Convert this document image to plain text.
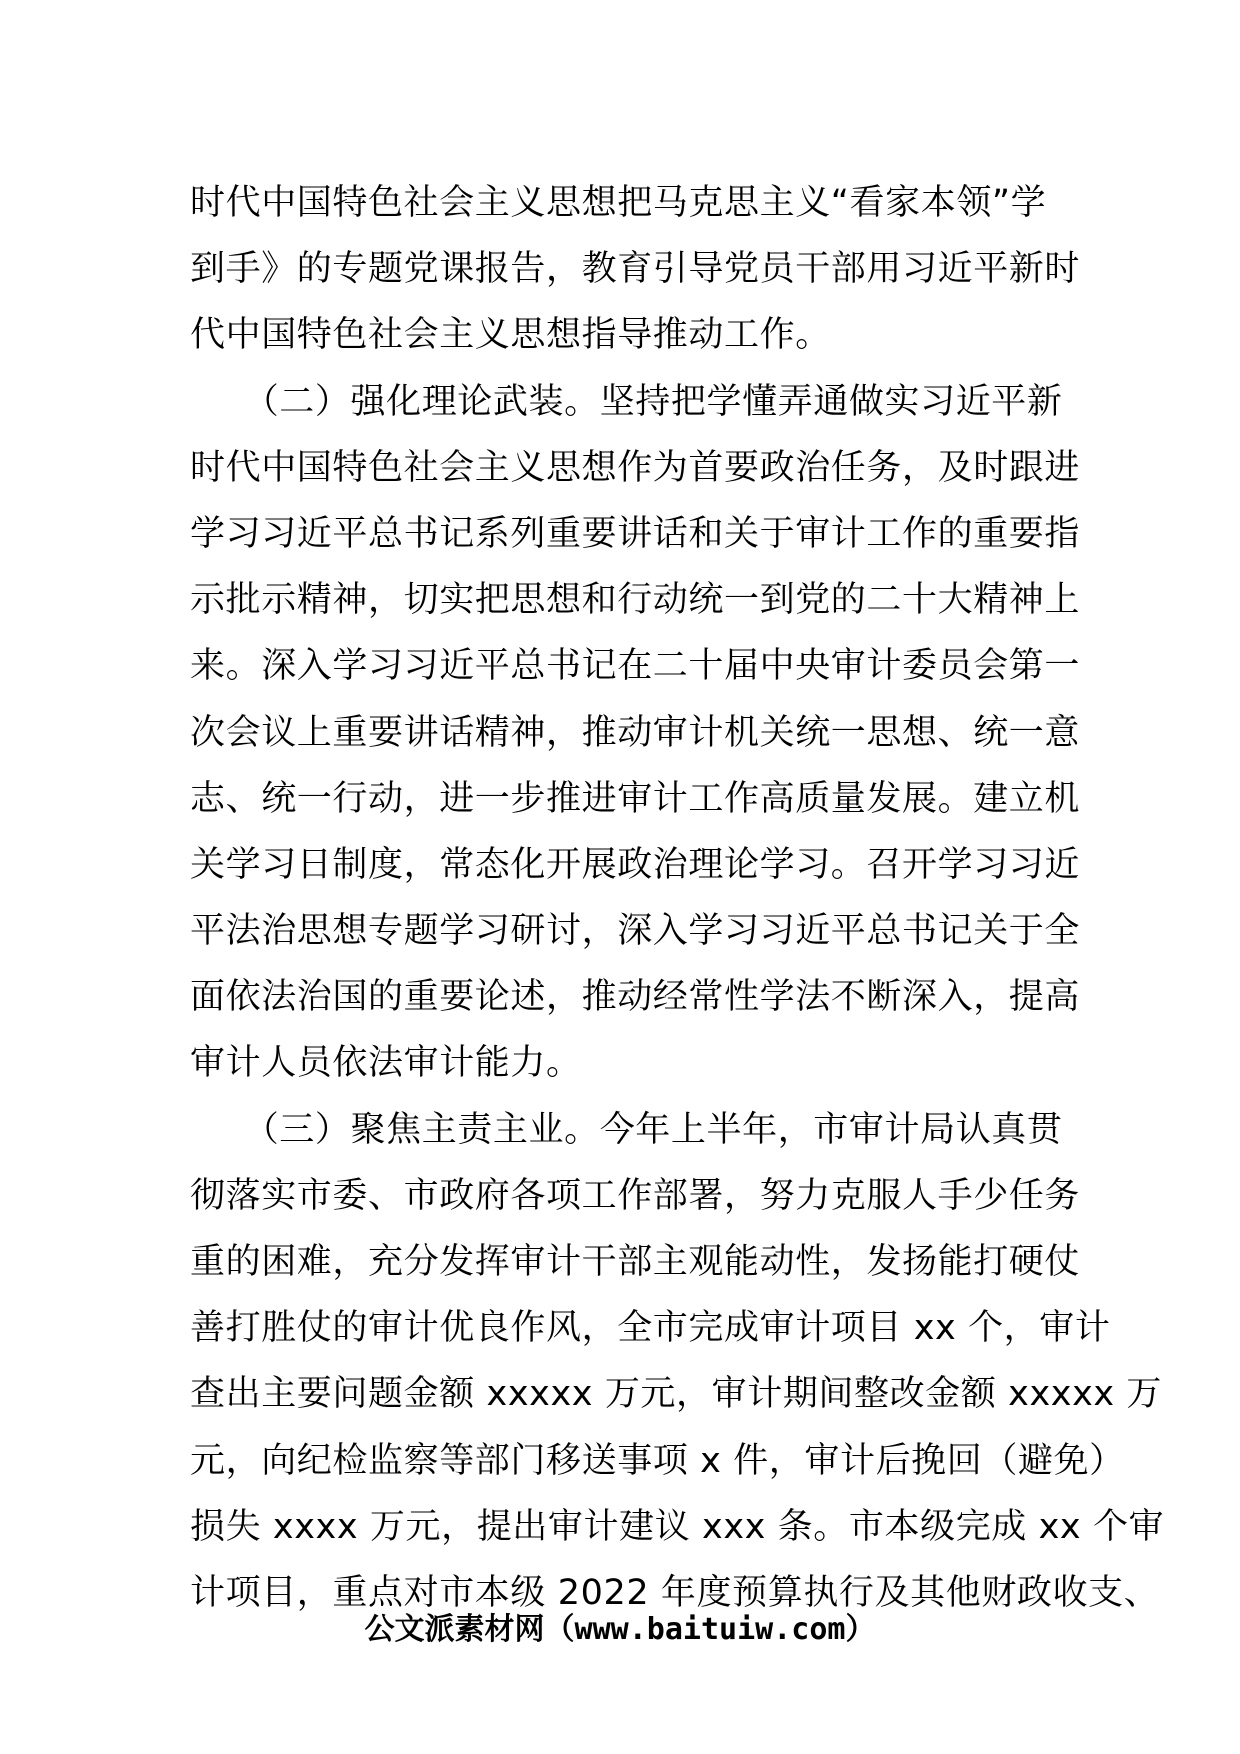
时代中国特色社会主义思想把马克思主义“看家本领”学
到手》的专题党课报告，教育引导党员干部用习近平新时
代中国特色社会主义思想指导推动工作。
　　（二）强化理论武装。坚持把学懂弄通做实习近平新
时代中国特色社会主义思想作为首要政治任务，及时跟进
学习习近平总书记系列重要讲话和关于审计工作的重要指
示批示精神，切实把思想和行动统一到党的二十大精神上
来。深入学习习近平总书记在二十届中央审计委员会第一
次会议上重要讲话精神，推动审计机关统一思想、统一意
志、统一行动，进一步推进审计工作高质量发展。建立机
关学习日制度，常态化开展政治理论学习。召开学习习近
平法治思想专题学习研讨，深入学习习近平总书记关于全
面依法治国的重要论述，推动经常性学法不断深入，提高
审计人员依法审计能力。
　　（三）聚焦主责主业。今年上半年，市审计局认真贯
彻落实市委、市政府各项工作部署，努力克服人手少任务
重的困难，充分发挥审计干部主观能动性，发扬能打硬仗
善打胜仗的审计优良作风，全市完成审计项目 xx 个，审计
查出主要问题金额 xxxxx 万元，审计期间整改金额 xxxxx 万
元，向纪检监察等部门移送事项 x 件，审计后挽回（避免）
损失 xxxx 万元，提出审计建议 xxx 条。市本级完成 xx 个审
计项目，重点对市本级 2022 年度预算执行及其他财政收支、
公文派素材网（www.baituiw.com）
